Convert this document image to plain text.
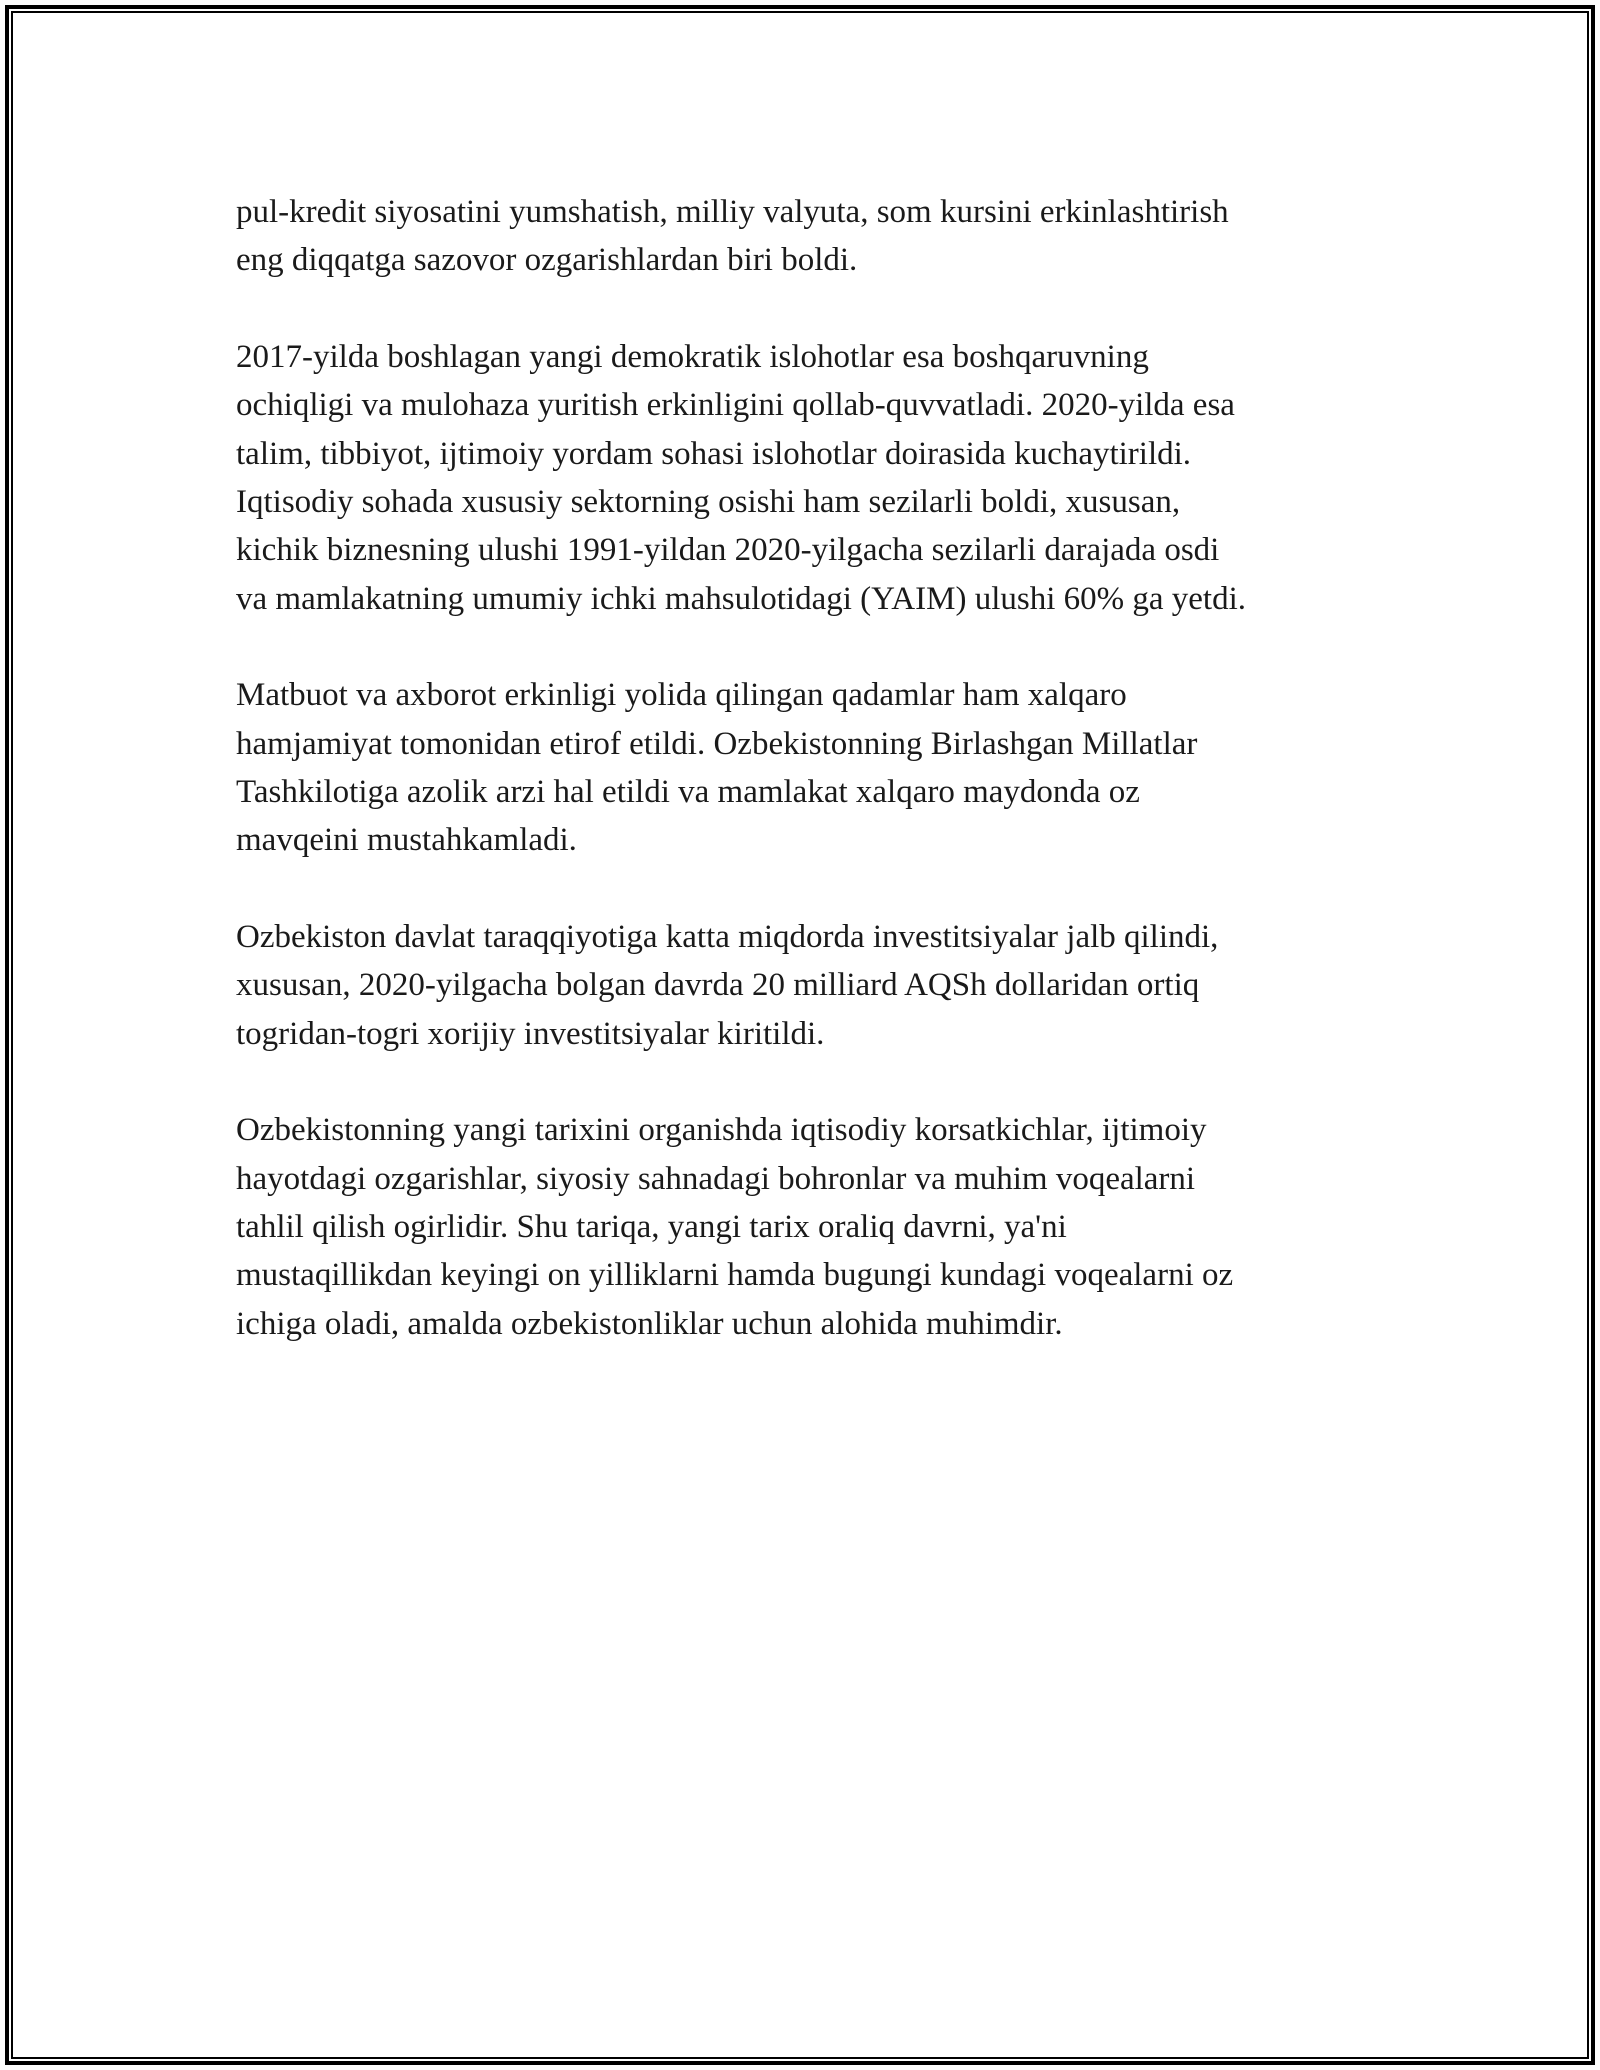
pul-kredit siyosatini yumshatish, milliy valyuta, som kursini erkinlashtirish
eng diqqatga sazovor ozgarishlardan biri boldi.

2017-yilda boshlagan yangi demokratik islohotlar esa boshqaruvning
ochiqligi va mulohaza yuritish erkinligini qollab-quvvatladi. 2020-yilda esa
talim, tibbiyot, ijtimoiy yordam sohasi islohotlar doirasida kuchaytirildi.
Iqtisodiy sohada xususiy sektorning osishi ham sezilarli boldi, xususan,
kichik biznesning ulushi 1991-yildan 2020-yilgacha sezilarli darajada osdi
va mamlakatning umumiy ichki mahsulotidagi (YAIM) ulushi 60% ga yetdi.

Matbuot va axborot erkinligi yolida qilingan qadamlar ham xalqaro
hamjamiyat tomonidan etirof etildi. Ozbekistonning Birlashgan Millatlar
Tashkilotiga azolik arzi hal etildi va mamlakat xalqaro maydonda oz
mavqeini mustahkamladi.

Ozbekiston davlat taraqqiyotiga katta miqdorda investitsiyalar jalb qilindi,
xususan, 2020-yilgacha bolgan davrda 20 milliard AQSh dollaridan ortiq
togridan-togri xorijiy investitsiyalar kiritildi.

Ozbekistonning yangi tarixini organishda iqtisodiy korsatkichlar, ijtimoiy
hayotdagi ozgarishlar, siyosiy sahnadagi bohronlar va muhim voqealarni
tahlil qilish ogirlidir. Shu tariqa, yangi tarix oraliq davrni, ya'ni
mustaqillikdan keyingi on yilliklarni hamda bugungi kundagi voqealarni oz
ichiga oladi, amalda ozbekistonliklar uchun alohida muhimdir.
